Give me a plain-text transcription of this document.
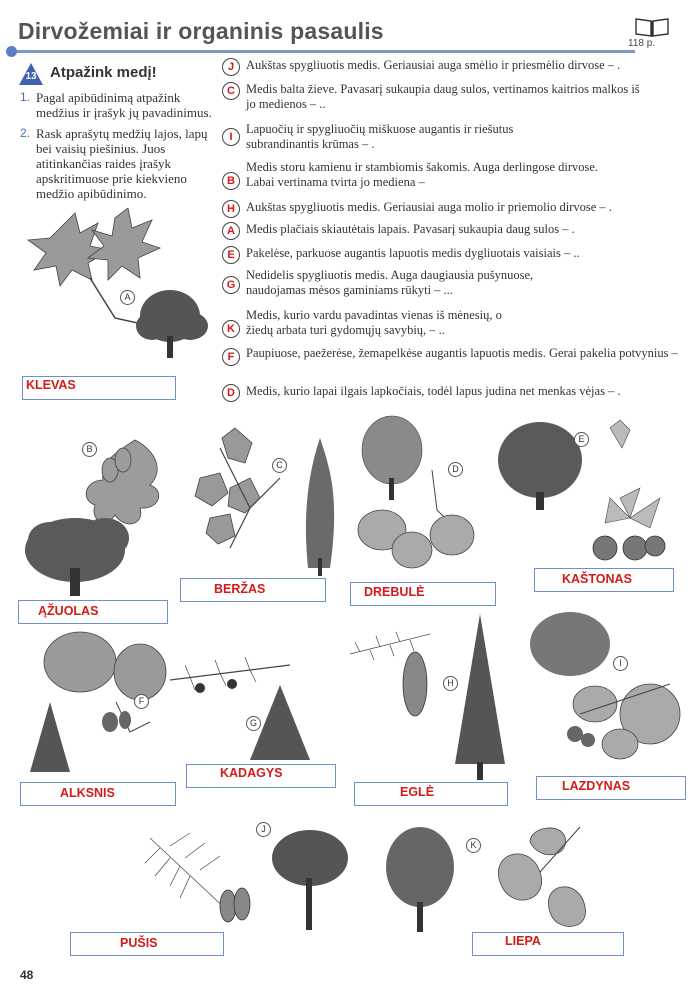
Dirvožemiai ir organinis pasaulis	118 p.
13 Atpažink medį!
1. Pagal apibūdinimą atpažink medžius ir įrašyk jų pavadinimus.
2. Rask aprašytų medžių lajos, lapų bei vaisių piešinius. Juos atitinkančias raides įrašyk apskritimuose prie kiekvieno medžio apibūdinimo.
J Aukštas spygliuotis medis. Geriausiai auga smėlio ir priesmėlio dirvose – .
C Medis balta žieve. Pavasarį sukaupia daug sulos, vertinamos kaitrios malkos iš jo medienos – ..
I
Lapuočių ir spygliuočių miškuose augantis ir riešutus subrandinantis krūmas – .
B
Medis storu kamienu ir stambiomis šakomis. Auga derlingose dirvose. Labai vertinama tvirta jo mediena –
H Aukštas spygliuotis medis. Geriausiai auga molio ir priemolio dirvose – .
A Medis plačiais skiautėtais lapais. Pavasarį sukaupia daug sulos – .
E Pakelėse, parkuose augantis lapuotis medis dygliuotais vaisiais – ..
G
Nedidelis spygliuotis medis. Auga daugiausia pušynuose, naudojamas mėsos gaminiams rūkyti – ...
K
Medis, kurio vardu pavadintas vienas iš mėnesių, o žiedų arbata turi gydomųjų savybių, – ..
F Paupiuose, paežerėse, žemapelkėse augantis lapuotis medis. Gerai pakelia potvynius –
D Medis, kurio lapai ilgais lapkočiais, todėl lapus judina net menkas vėjas – .
A
KLEVAS
B
C	D
E
ĄŽUOLAS
BERŽAS	DREBULĖ
KAŠTONAS
F
G
H
I
ALKSNIS
KADAGYS
EGLĖ	LAZDYNAS
J
K
PUŠIS	LIEPA
48
